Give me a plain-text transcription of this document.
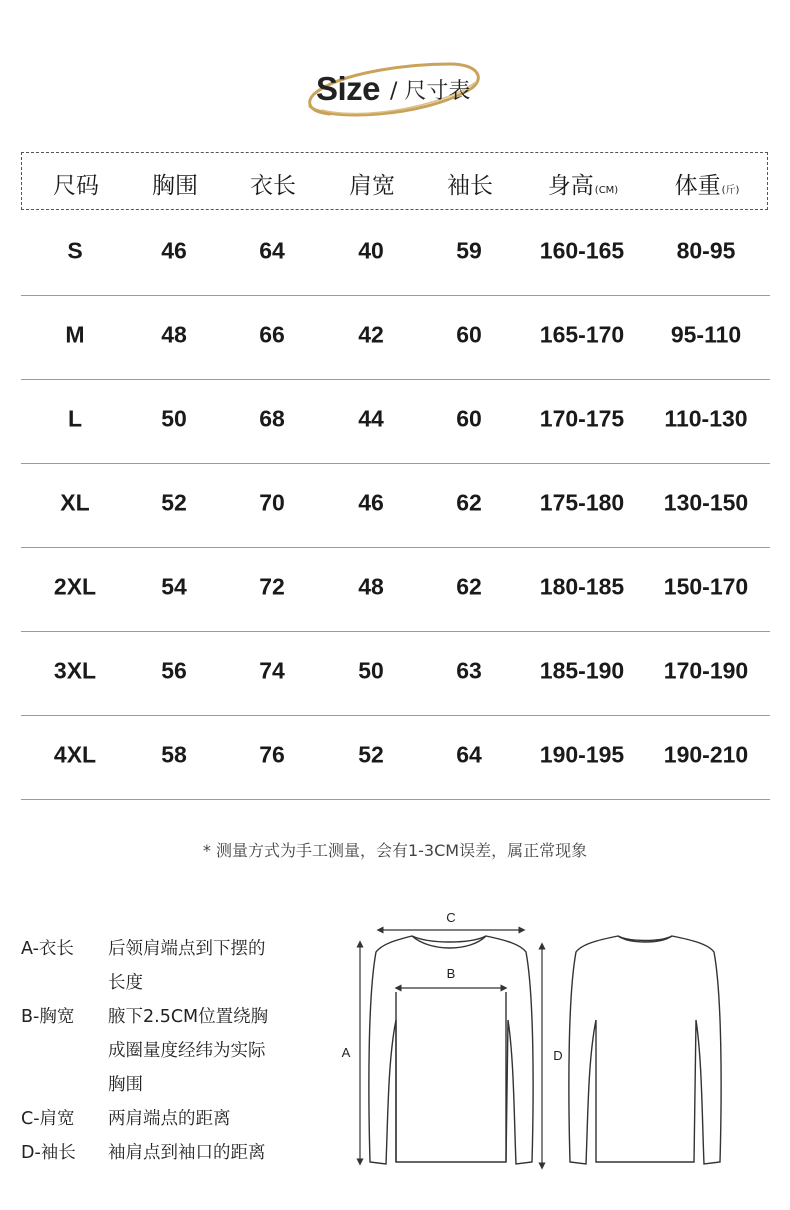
Size / 尺寸表
尺码 胸围 衣长 肩宽 袖长 身高(CM) 体重(斤)
S	46	64	40	59	160-165 80-95
M	48	66	42	60	165-170 95-110
L	50	68	44	60	170-175 110-130
XL	52	70	46	62	175-180 130-150
2XL	54	72	48	62	180-185 150-170
3XL	56	74	50	63	185-190 170-190
4XL	58	76	52	64	190-195 190-210
* 测量方式为手工测量，会有1-3CM误差，属正常现象
A-衣长 后领肩端点到下摆的
长度
B-胸宽 腋下2.5CM位置绕胸
成圈量度经纬为实际
胸围
C-肩宽 两肩端点的距离
D-袖长 袖肩点到袖口的距离
C
B
A	D
